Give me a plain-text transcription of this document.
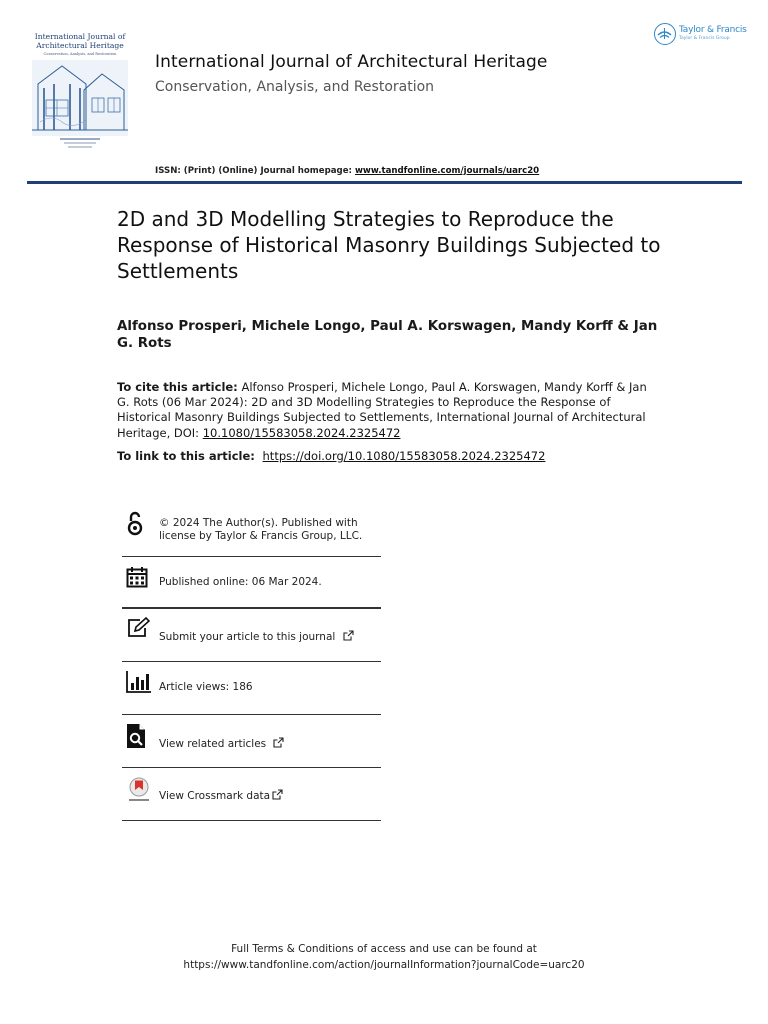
International Journal of Architectural Heritage
Conservation, Analysis, and Restoration	International Journal of Architectural Heritage
Conservation, Analysis, and Restoration
Taylor & Francis
Taylor & Francis Group
ISSN: (Print) (Online) Journal homepage: www.tandfonline.com/journals/uarc20
2D and 3D Modelling Strategies to Reproduce the Response of Historical Masonry Buildings Subjected to Settlements
Alfonso Prosperi, Michele Longo, Paul A. Korswagen, Mandy Korff & Jan G. Rots
To cite this article: Alfonso Prosperi, Michele Longo, Paul A. Korswagen, Mandy Korff & Jan G. Rots (06 Mar 2024): 2D and 3D Modelling Strategies to Reproduce the Response of Historical Masonry Buildings Subjected to Settlements, International Journal of Architectural Heritage, DOI: 10.1080/15583058.2024.2325472
To link to this article: https://doi.org/10.1080/15583058.2024.2325472
© 2024 The Author(s). Published with
license by Taylor & Francis Group, LLC.
Published online: 06 Mar 2024.
Submit your article to this journal
Article views: 186
View related articles
View Crossmark data
Full Terms & Conditions of access and use can be found at
https://www.tandfonline.com/action/journalInformation?journalCode=uarc20
